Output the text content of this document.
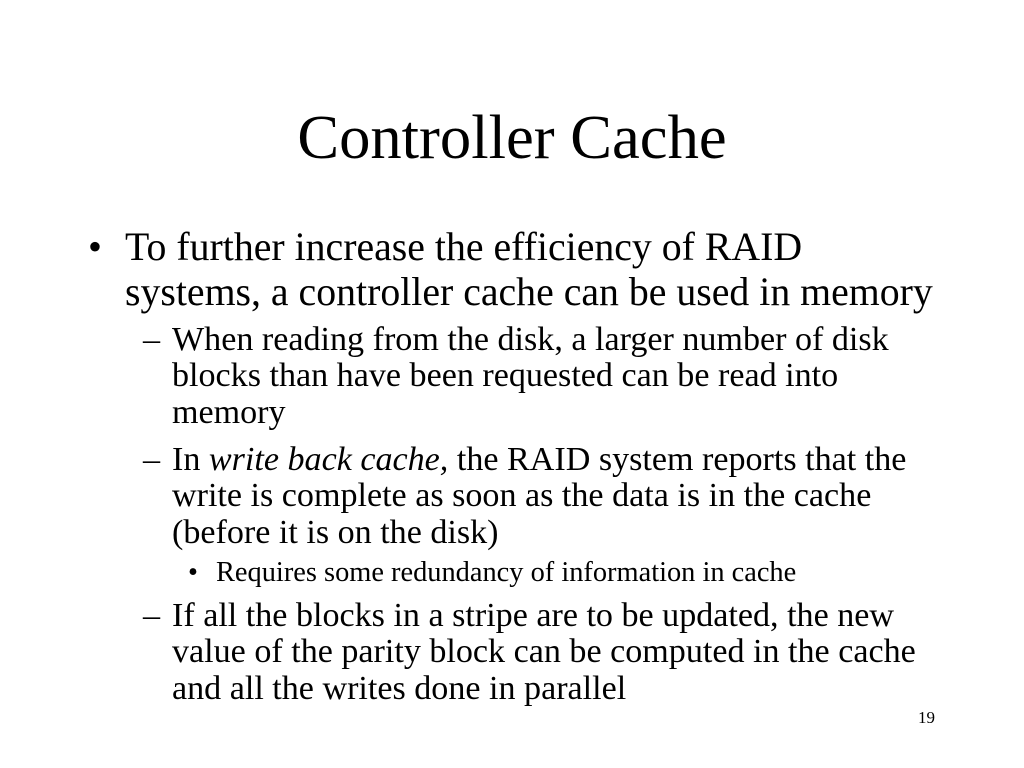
Controller Cache

• To further increase the efficiency of RAID systems, a controller cache can be used in memory

– When reading from the disk, a larger number of disk blocks than have been requested can be read into memory

– In write back cache, the RAID system reports that the write is complete as soon as the data is in the cache (before it is on the disk)

• Requires some redundancy of information in cache

– If all the blocks in a stripe are to be updated, the new value of the parity block can be computed in the cache and all the writes done in parallel

19
